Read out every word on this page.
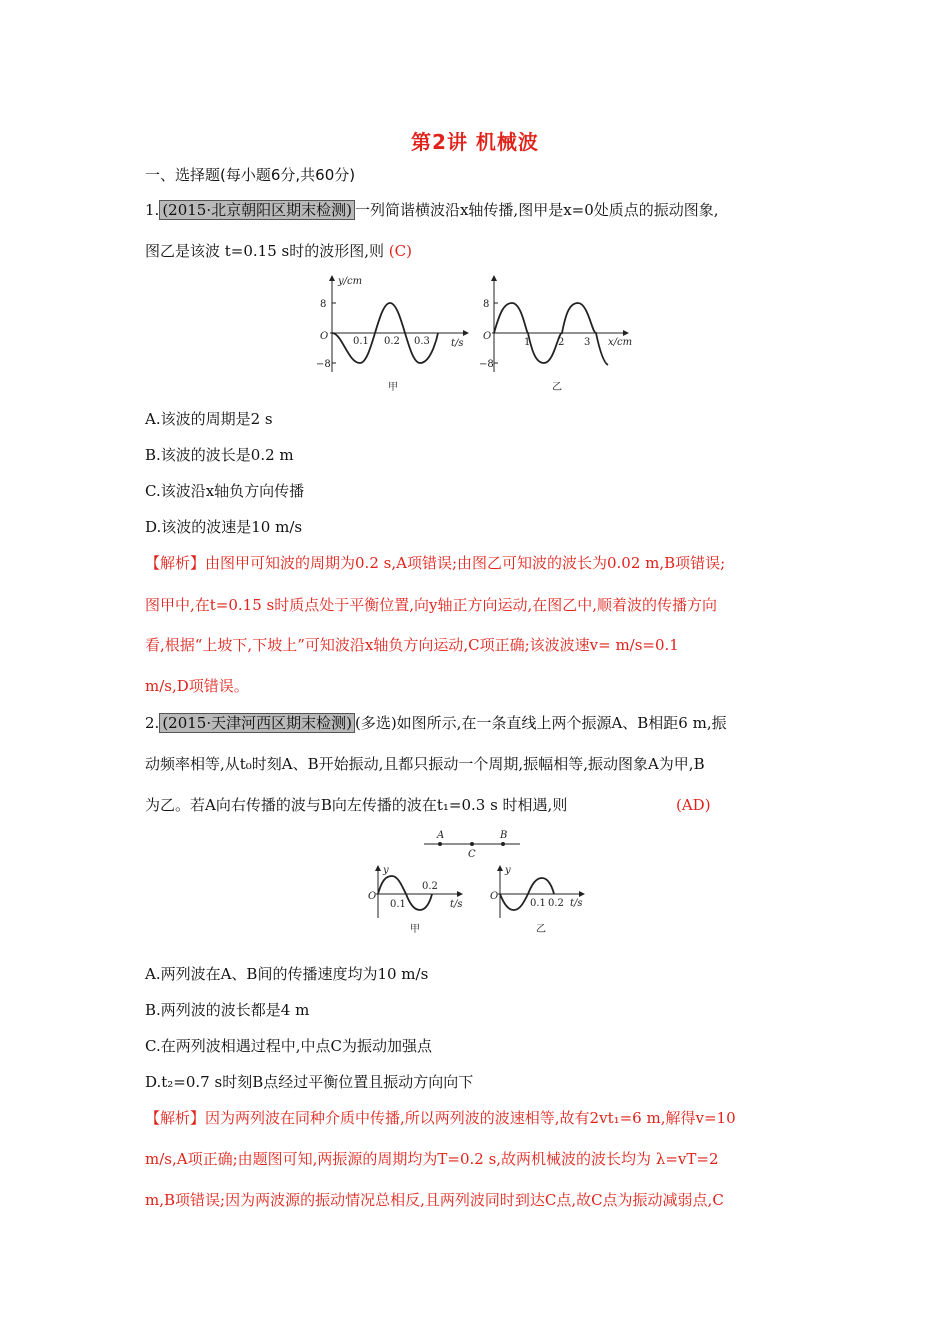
第2讲 机械波
一、选择题(每小题6分,共60分)
1. (2015·北京朝阳区期末检测) 一列简谐横波沿x轴传播,图甲是x=0处质点的振动图象,
图乙是该波 t=0.15 s时的波形图,则 (C)
y/cm
8
−8
O 0.1 0.2 0.3 t/s
甲
8
−8
O
1	2 3 x/cm
乙
A.该波的周期是2 s
B.该波的波长是0.2 m
C.该波沿x轴负方向传播
D.该波的波速是10 m/s
【解析】由图甲可知波的周期为0.2 s,A项错误;由图乙可知波的波长为0.02 m,B项错误;
图甲中,在t=0.15 s时质点处于平衡位置,向y轴正方向运动,在图乙中,顺着波的传播方向
看,根据“上坡下,下坡上”可知波沿x轴负方向运动,C项正确;该波波速v= m/s=0.1
m/s,D项错误。
2. (2015·天津河西区期末检测) (多选)如图所示,在一条直线上两个振源A、B相距6 m,振
动频率相等,从t₀时刻A、B开始振动,且都只振动一个周期,振幅相等,振动图象A为甲,B
为乙。若A向右传播的波与B向左传播的波在t₁=0.3 s 时相遇,则	(AD)
A	B
C
y
O
0.1
0.2
t/s
甲
y
O
0.1 0.2 t/s
乙
A.两列波在A、B间的传播速度均为10 m/s
B.两列波的波长都是4 m
C.在两列波相遇过程中,中点C为振动加强点
D.t₂=0.7 s时刻B点经过平衡位置且振动方向向下
【解析】因为两列波在同种介质中传播,所以两列波的波速相等,故有2vt₁=6 m,解得v=10
m/s,A项正确;由题图可知,两振源的周期均为T=0.2 s,故两机械波的波长均为 λ=vT=2
m,B项错误;因为两波源的振动情况总相反,且两列波同时到达C点,故C点为振动减弱点,C
